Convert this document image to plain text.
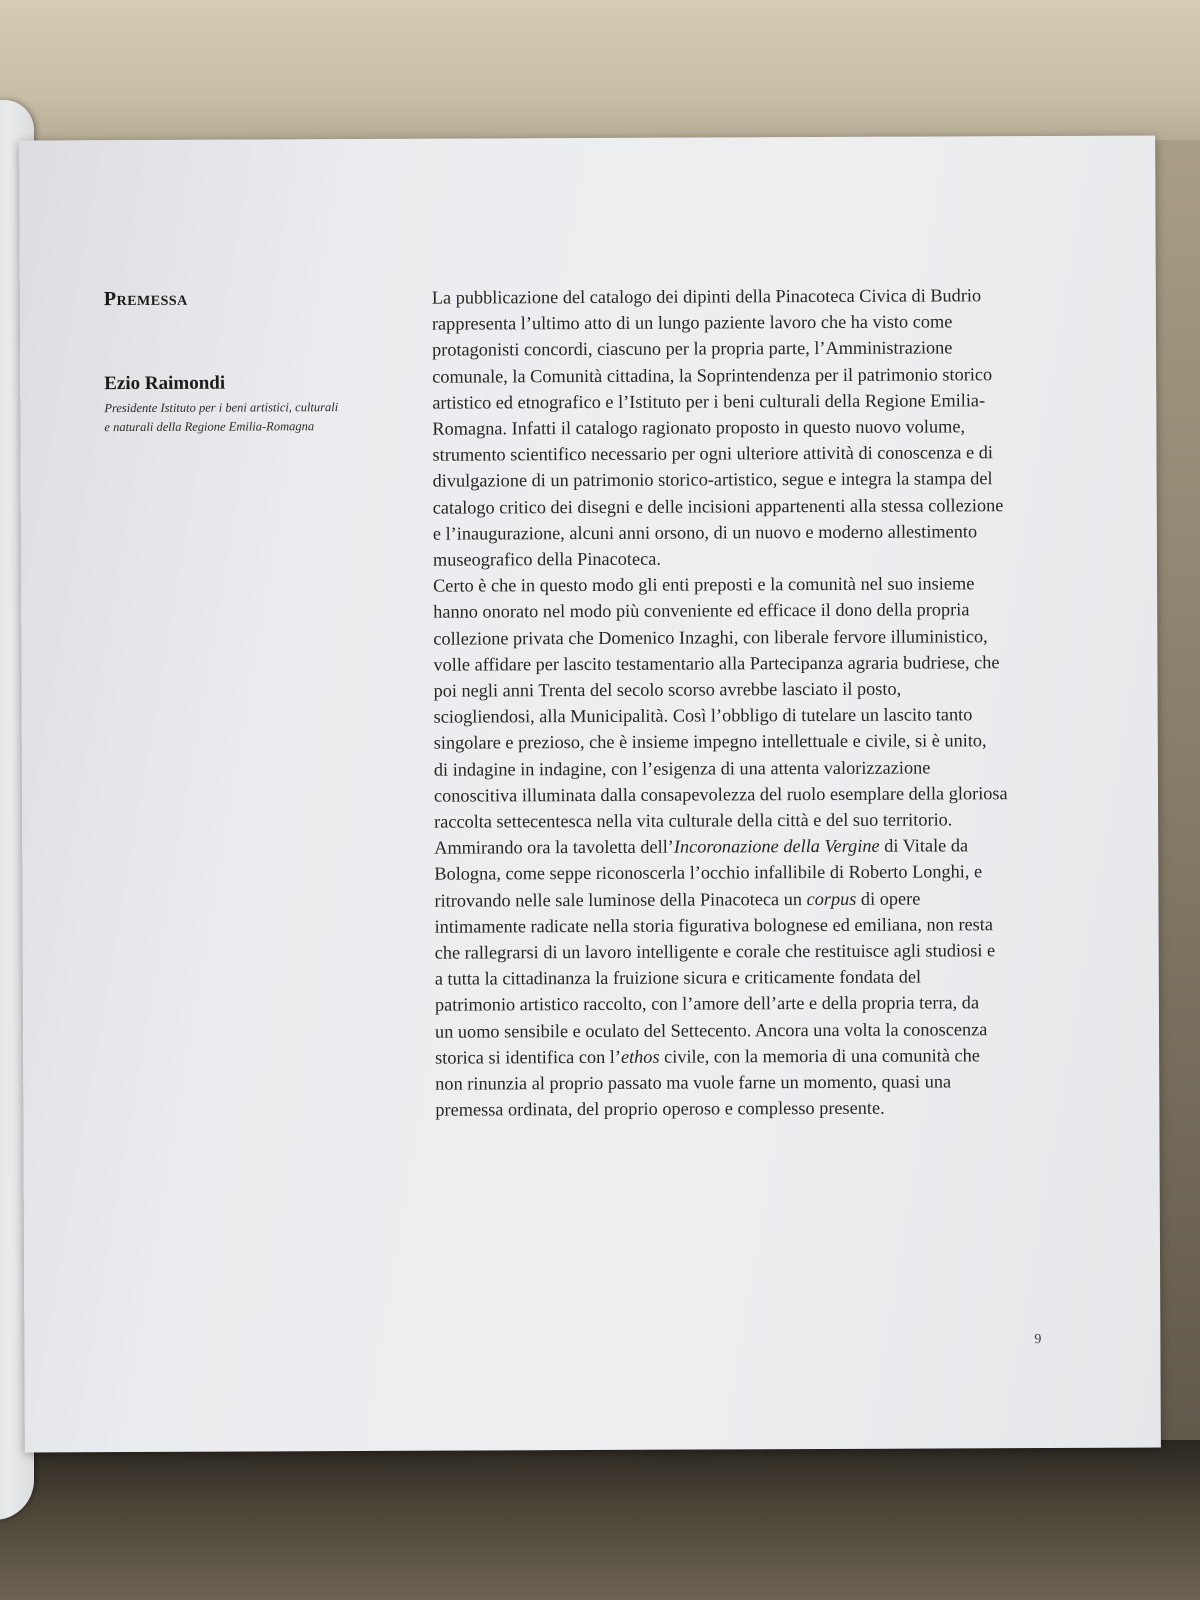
Premessa
Ezio Raimondi
Presidente Istituto per i beni artistici, culturali
e naturali della Regione Emilia-Romagna

La pubblicazione del catalogo dei dipinti della Pinacoteca Civica di Budrio
rappresenta l’ultimo atto di un lungo paziente lavoro che ha visto come
protagonisti concordi, ciascuno per la propria parte, l’Amministrazione
comunale, la Comunità cittadina, la Soprintendenza per il patrimonio storico
artistico ed etnografico e l’Istituto per i beni culturali della Regione Emilia-
Romagna. Infatti il catalogo ragionato proposto in questo nuovo volume,
strumento scientifico necessario per ogni ulteriore attività di conoscenza e di
divulgazione di un patrimonio storico-artistico, segue e integra la stampa del
catalogo critico dei disegni e delle incisioni appartenenti alla stessa collezione
e l’inaugurazione, alcuni anni orsono, di un nuovo e moderno allestimento
museografico della Pinacoteca.

Certo è che in questo modo gli enti preposti e la comunità nel suo insieme
hanno onorato nel modo più conveniente ed efficace il dono della propria
collezione privata che Domenico Inzaghi, con liberale fervore illuministico,
volle affidare per lascito testamentario alla Partecipanza agraria budriese, che
poi negli anni Trenta del secolo scorso avrebbe lasciato il posto,
sciogliendosi, alla Municipalità. Così l’obbligo di tutelare un lascito tanto
singolare e prezioso, che è insieme impegno intellettuale e civile, si è unito,
di indagine in indagine, con l’esigenza di una attenta valorizzazione
conoscitiva illuminata dalla consapevolezza del ruolo esemplare della gloriosa
raccolta settecentesca nella vita culturale della città e del suo territorio.
Ammirando ora la tavoletta dell’Incoronazione della Vergine di Vitale da
Bologna, come seppe riconoscerla l’occhio infallibile di Roberto Longhi, e
ritrovando nelle sale luminose della Pinacoteca un corpus di opere
intimamente radicate nella storia figurativa bolognese ed emiliana, non resta
che rallegrarsi di un lavoro intelligente e corale che restituisce agli studiosi e
a tutta la cittadinanza la fruizione sicura e criticamente fondata del
patrimonio artistico raccolto, con l’amore dell’arte e della propria terra, da
un uomo sensibile e oculato del Settecento. Ancora una volta la conoscenza
storica si identifica con l’ethos civile, con la memoria di una comunità che
non rinunzia al proprio passato ma vuole farne un momento, quasi una
premessa ordinata, del proprio operoso e complesso presente.

9
